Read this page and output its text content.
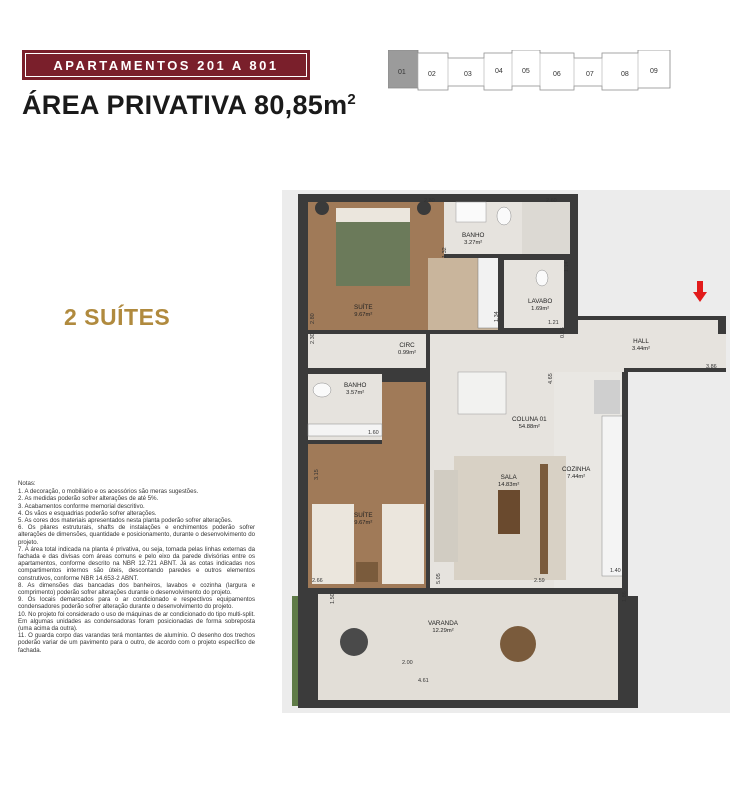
APARTAMENTOS 201 A 801
ÁREA PRIVATIVA $80,85m^2$
2 SUÍTES
01	02	03	04	05	06	07	08	09
Notas:
1. A decoração, o mobiliário e os acessórios são meras sugestões.
2. As medidas poderão sofrer alterações de até 5%.
3. Acabamentos conforme memorial descritivo.
4. Os vãos e esquadrias poderão sofrer alterações.
5. As cores dos materiais apresentados nesta planta poderão sofrer alterações.
6. Os pilares estruturais, shafts de instalações e enchimentos poderão sofrer alterações de dimensões, quantidade e posicionamento, durante o desenvolvimento do projeto.
7. A área total indicada na planta é privativa, ou seja, tomada pelas linhas externas da fachada e das divisas com áreas comuns e pelo eixo da parede divisórias entre os apartamentos, conforme descrito na NBR 12.721 ABNT. Já as cotas indicadas nos compartimentos internos são úteis, descontando paredes e outros elementos construtivos, conforme NBR 14.653-2 ABNT.
8. As dimensões das bancadas dos banheiros, lavabos e cozinha (largura e comprimento) poderão sofrer alterações durante o desenvolvimento do projeto.
9. Os locais demarcados para o ar condicionado e respectivos equipamentos condensadores poderão sofrer alteração durante o desenvolvimento do projeto.
10. No projeto foi considerado o uso de máquinas de ar condicionado do tipo multi-split. Em algumas unidades as condensadoras foram posicionadas de forma sobreposta (uma acima da outra).
11. O guarda corpo das varandas terá montantes de alumínio. O desenho dos trechos poderão variar de um pavimento para o outro, de acordo com o projeto específico de fachada.
SUÍTE
9.67m²
BANHO
3.27m²
LAVABO
1.69m²
HALL
3.44m²
CIRC
0.99m²
BANHO
3.57m²
COLUNA 01
54.88m²
SALA
14.83m²
COZINHA
7.44m²
SUÍTE
9.67m²
VARANDA
12.29m²
2.80	2.60
1.32
1.14
2.80	1.34
0.65
1.21
2.30
1.60
4.65
3.86
3.15
2.66	5.05	2.59
1.40
1.50
2.00
4.61
1.86
